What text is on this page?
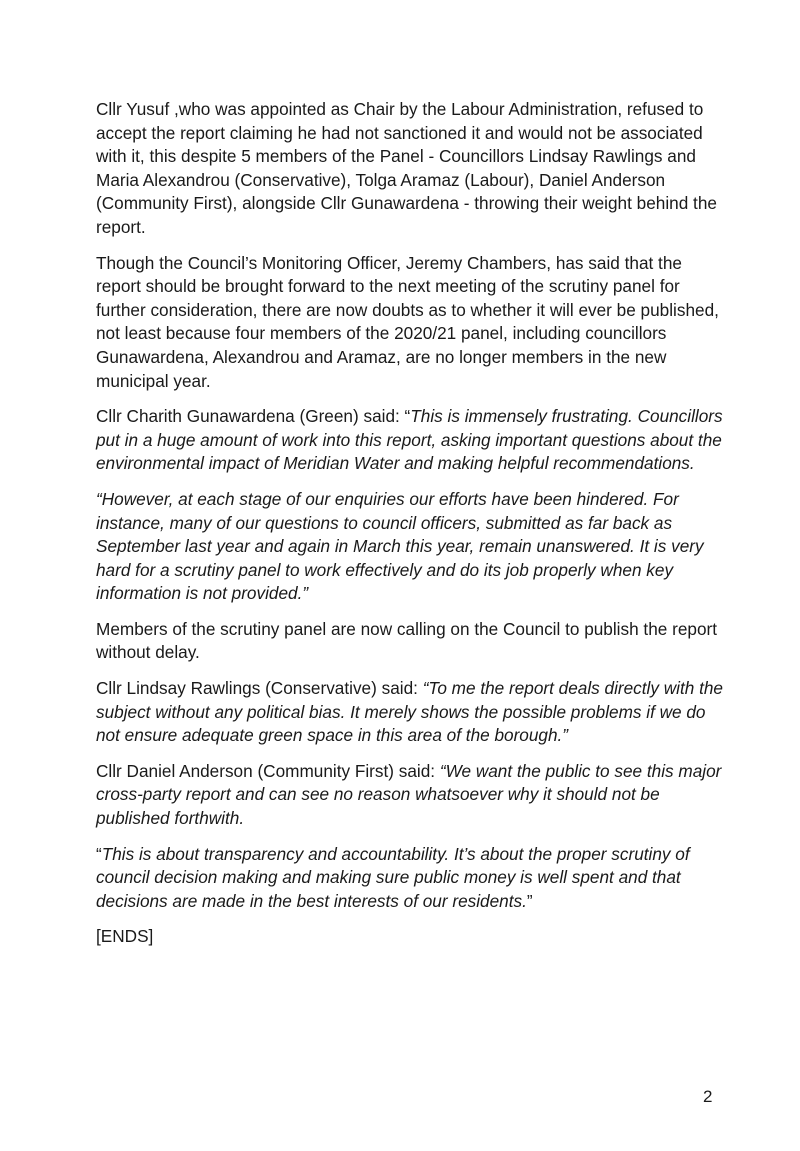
Cllr Yusuf ,who was appointed as Chair by the Labour Administration, refused to accept the report claiming he had not sanctioned it and would not be associated with it, this despite 5 members of the Panel - Councillors Lindsay Rawlings and Maria Alexandrou (Conservative), Tolga Aramaz (Labour), Daniel Anderson (Community First), alongside Cllr Gunawardena - throwing their weight behind the report.

Though the Council’s Monitoring Officer, Jeremy Chambers, has said that the report should be brought forward to the next meeting of the scrutiny panel for further consideration, there are now doubts as to whether it will ever be published, not least because four members of the 2020/21 panel, including councillors Gunawardena, Alexandrou and Aramaz, are no longer members in the new municipal year.

Cllr Charith Gunawardena (Green) said: “This is immensely frustrating. Councillors put in a huge amount of work into this report, asking important questions about the environmental impact of Meridian Water and making helpful recommendations.

“However, at each stage of our enquiries our efforts have been hindered. For instance, many of our questions to council officers, submitted as far back as September last year and again in March this year, remain unanswered. It is very hard for a scrutiny panel to work effectively and do its job properly when key information is not provided.”

Members of the scrutiny panel are now calling on the Council to publish the report without delay.

Cllr Lindsay Rawlings (Conservative) said: “To me the report deals directly with the subject without any political bias. It merely shows the possible problems if we do not ensure adequate green space in this area of the borough.”

Cllr Daniel Anderson (Community First) said: “We want the public to see this major cross-party report and can see no reason whatsoever why it should not be published forthwith.

“This is about transparency and accountability. It’s about the proper scrutiny of council decision making and making sure public money is well spent and that decisions are made in the best interests of our residents.”

[ENDS]

2
